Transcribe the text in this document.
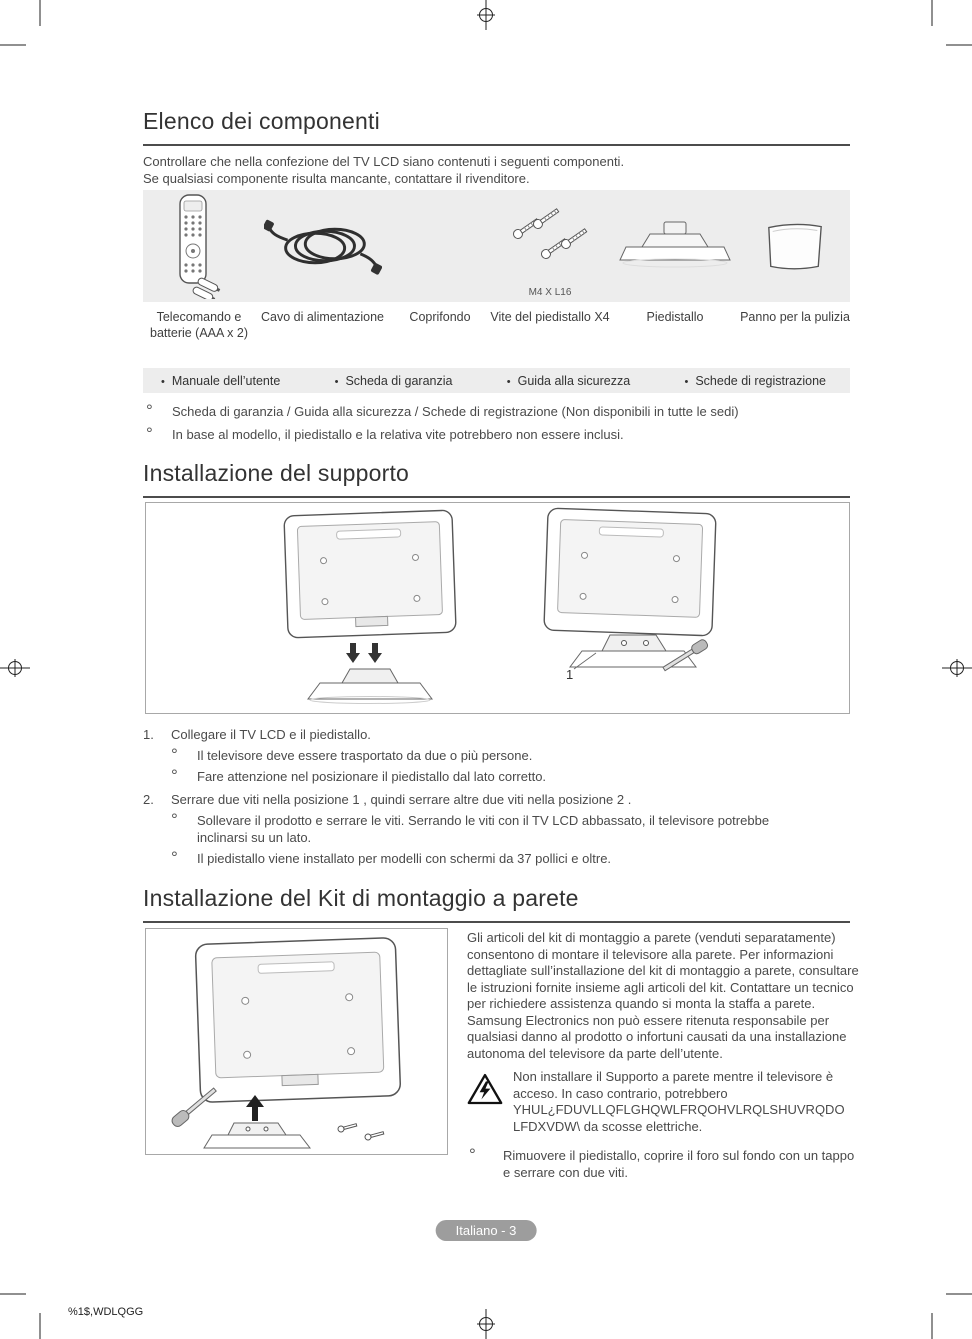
Elenco dei componenti

Controllare che nella confezione del TV LCD siano contenuti i seguenti componenti.

Se qualsiasi componente risulta mancante, contattare il rivenditore.

Telecomando e batterie (AAA x 2)
Cavo di alimentazione	Coprifondo
M4 X L16
Vite del piedistallo X4	Piedistallo	Panno per la pulizia
• Manuale dell’utente	• Scheda di garanzia	• Guida alla sicurezza	• Schede di registrazione
°	Scheda di garanzia / Guida alla sicurezza / Schede di registrazione (Non disponibili in tutte le sedi)
°	In base al modello, il piedistallo e la relativa vite potrebbero non essere inclusi.
Installazione del supporto
1
1.	Collegare il TV LCD e il piedistallo.
°	Il televisore deve essere trasportato da due o più persone.
°	Fare attenzione nel posizionare il piedistallo dal lato corretto.
2.	Serrare due viti nella posizione 1 , quindi serrare altre due viti nella posizione 2 .
°	Sollevare il prodotto e serrare le viti. Serrando le viti con il TV LCD abbassato, il televisore potrebbe inclinarsi su un lato.
°	Il piedistallo viene installato per modelli con schermi da 37 pollici e oltre.
Installazione del Kit di montaggio a parete

Gli articoli del kit di montaggio a parete (venduti separatamente) consentono di montare il televisore alla parete. Per informazioni dettagliate sull’installazione del kit di montaggio a parete, consultare le istruzioni fornite insieme agli articoli del kit. Contattare un tecnico per richiedere assistenza quando si monta la staffa a parete.

Samsung Electronics non può essere ritenuta responsabile per qualsiasi danno al prodotto o infortuni causati da una installazione autonoma del televisore da parte dell’utente.

Non installare il Supporto a parete mentre il televisore è acceso. In caso contrario, potrebbero YHUL¿FDUVLLQFLGHQWLFRQOHVLRQLSHUVRQDOLFDXVDW\ da scosse elettriche.
°	Rimuovere il piedistallo, coprire il foro sul fondo con un tappo e serrare con due viti.
Italiano - 3
%1$,WDLQGG
